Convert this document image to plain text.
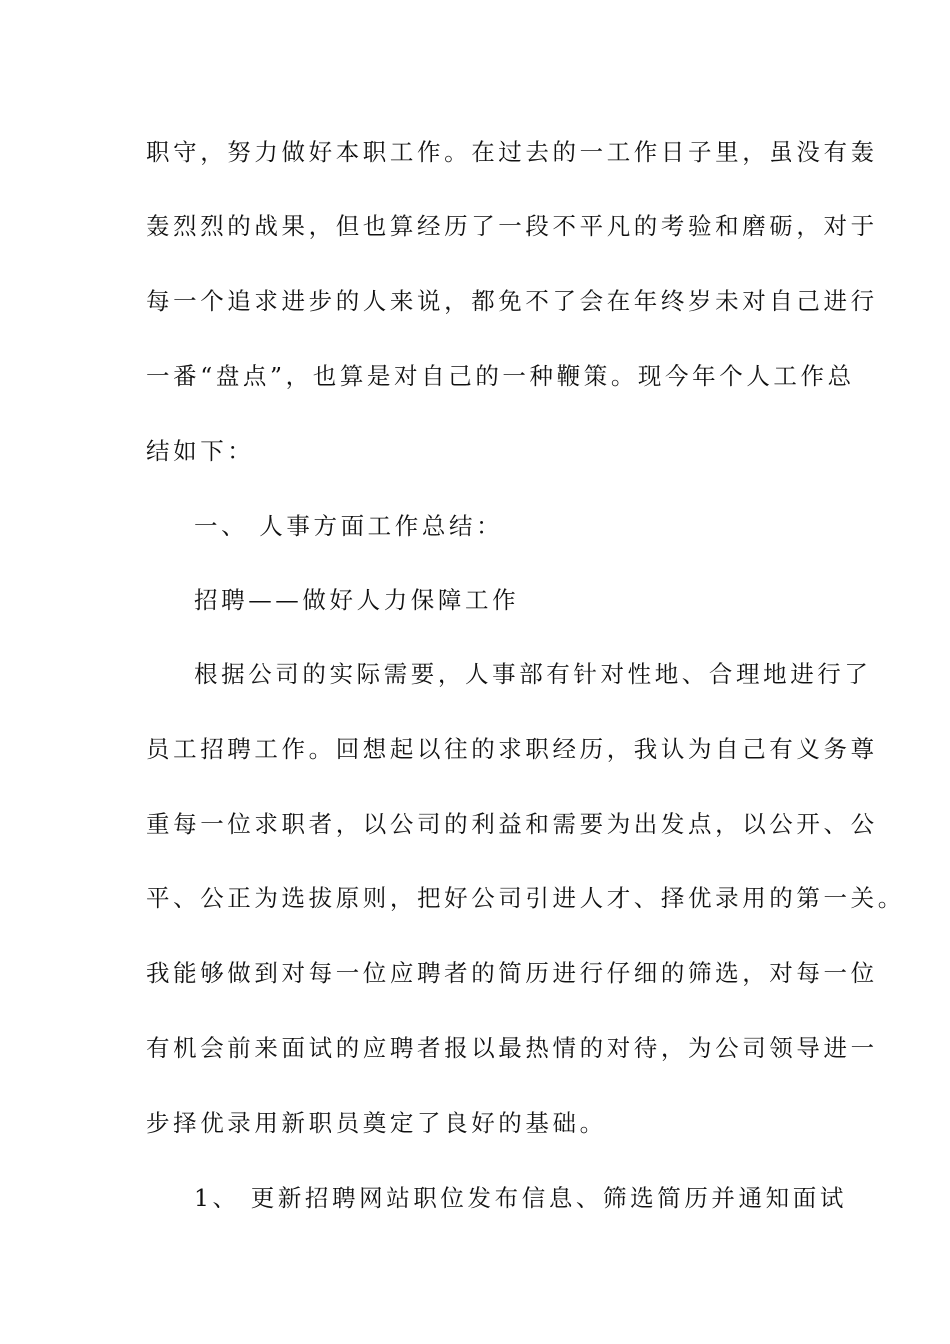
职守，努力做好本职工作。在过去的一工作日子里，虽没有轰
轰烈烈的战果，但也算经历了一段不平凡的考验和磨砺，对于
每一个追求进步的人来说，都免不了会在年终岁未对自己进行
一番“盘点”，也算是对自己的一种鞭策。现今年个人工作总
结如下：
一、 人事方面工作总结：
招聘——做好人力保障工作
根据公司的实际需要，人事部有针对性地、合理地进行了
员工招聘工作。回想起以往的求职经历，我认为自己有义务尊
重每一位求职者，以公司的利益和需要为出发点，以公开、公
平、公正为选拔原则，把好公司引进人才、择优录用的第一关。
我能够做到对每一位应聘者的简历进行仔细的筛选，对每一位
有机会前来面试的应聘者报以最热情的对待，为公司领导进一
步择优录用新职员奠定了良好的基础。
1、 更新招聘网站职位发布信息、筛选简历并通知面试
